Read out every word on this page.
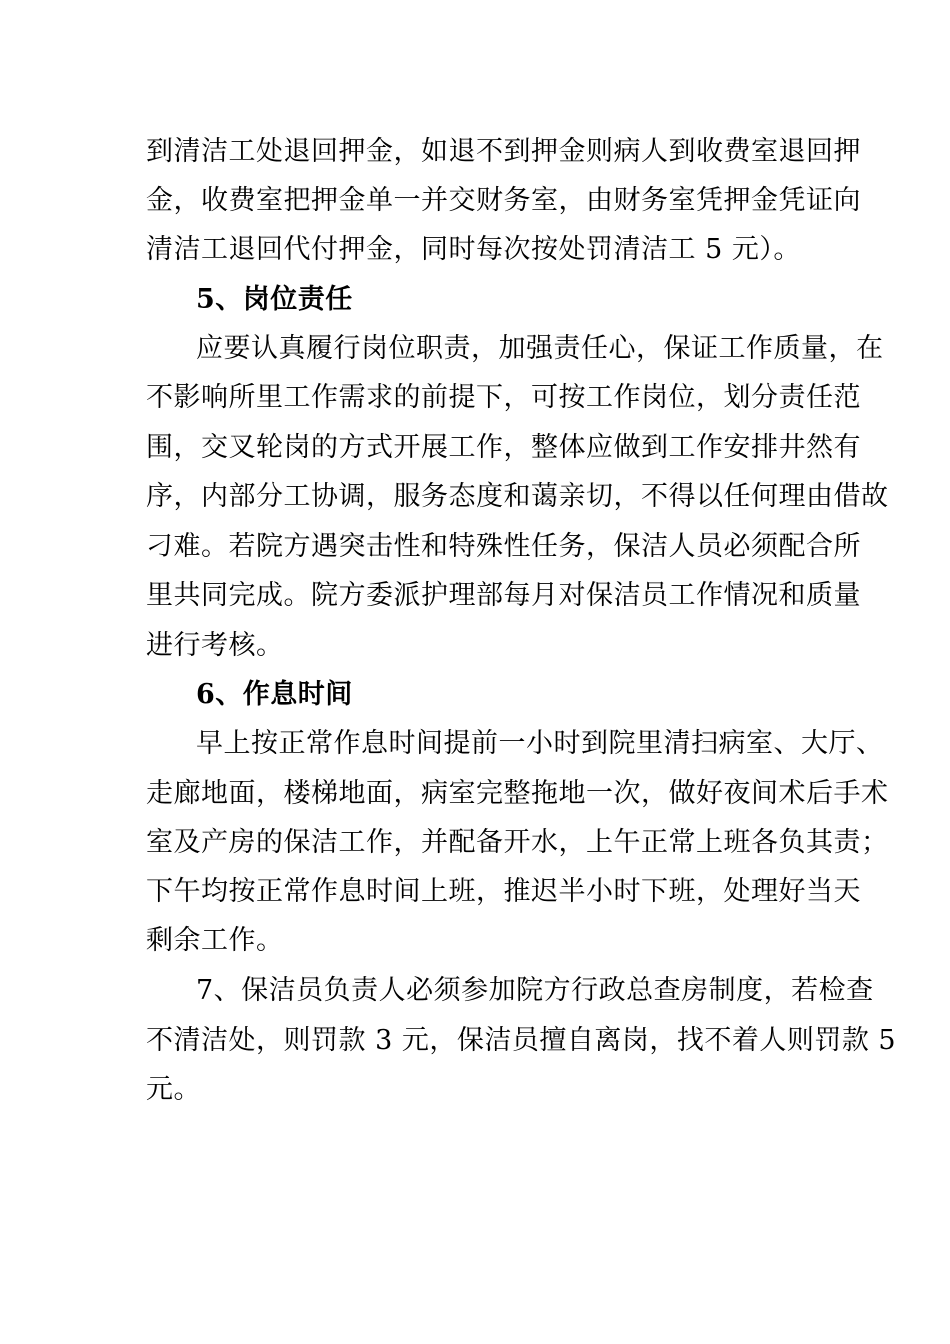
到清洁工处退回押金，如退不到押金则病人到收费室退回押
金，收费室把押金单一并交财务室，由财务室凭押金凭证向
清洁工退回代付押金，同时每次按处罚清洁工 5 元）。
5、岗位责任
应要认真履行岗位职责，加强责任心，保证工作质量，在
不影响所里工作需求的前提下，可按工作岗位，划分责任范
围，交叉轮岗的方式开展工作，整体应做到工作安排井然有
序，内部分工协调，服务态度和蔼亲切，不得以任何理由借故
刁难。若院方遇突击性和特殊性任务，保洁人员必须配合所
里共同完成。院方委派护理部每月对保洁员工作情况和质量
进行考核。
6、作息时间
早上按正常作息时间提前一小时到院里清扫病室、大厅、
走廊地面，楼梯地面，病室完整拖地一次，做好夜间术后手术
室及产房的保洁工作，并配备开水，上午正常上班各负其责；
下午均按正常作息时间上班，推迟半小时下班，处理好当天
剩余工作。
7、保洁员负责人必须参加院方行政总查房制度，若检查
不清洁处，则罚款 3 元，保洁员擅自离岗，找不着人则罚款 5
元。
